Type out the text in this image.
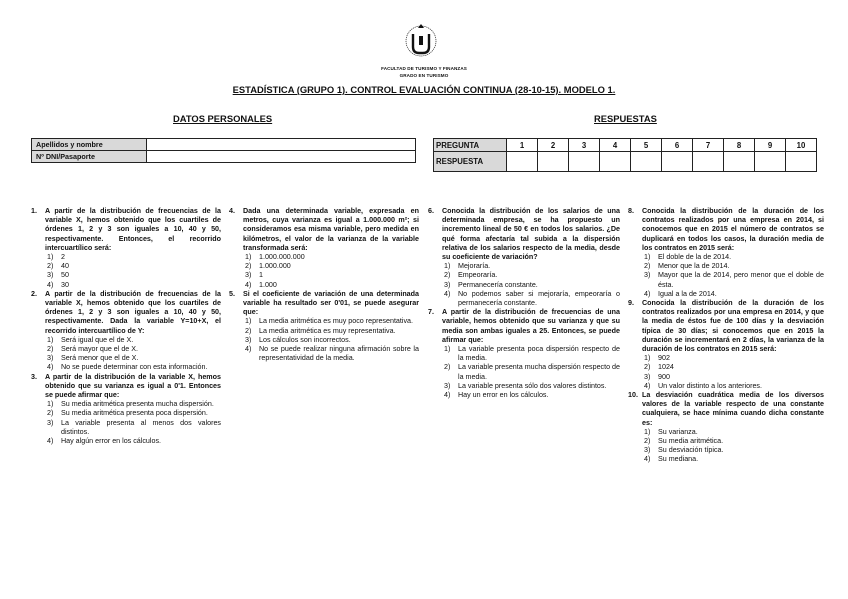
FACULTAD DE TURISMO Y FINANZAS
GRADO EN TURISMO
ESTADÍSTICA (GRUPO 1). CONTROL EVALUACIÓN CONTINUA (28-10-15). MODELO 1.
DATOS PERSONALES	RESPUESTAS
Apellidos y nombre	
Nº DNI/Pasaporte	
PREGUNTA	1	2	3	4	5	6	7	8	9	10
RESPUESTA										
1.	A partir de la distribución de frecuencias de la variable X, hemos obtenido que los cuartiles de órdenes 1, 2 y 3 son iguales a 10, 40 y 50, respectivamente. Entonces, el recorrido intercuartílico será:
1)	2
2)	40
3)	50
4)	30
2.	A partir de la distribución de frecuencias de la variable X, hemos obtenido que los cuartiles de órdenes 1, 2 y 3 son iguales a 10, 40 y 50, respectivamente. Dada la variable Y=10+X, el recorrido intercuartílico de Y:
1)	Será igual que el de X.
2)	Será mayor que el de X.
3)	Será menor que el de X.
4)	No se puede determinar con esta información.
3.	A partir de la distribución de la variable X, hemos obtenido que su varianza es igual a 0'1. Entonces se puede afirmar que:
1)	Su media aritmética presenta mucha dispersión.
2)	Su media aritmética presenta poca dispersión.
3)	La variable presenta al menos dos valores distintos.
4)	Hay algún error en los cálculos.
4.	Dada una determinada variable, expresada en metros, cuya varianza es igual a 1.000.000 m²; si consideramos esa misma variable, pero medida en kilómetros, el valor de la varianza de la variable transformada será:
1)	1.000.000.000
2)	1.000.000
3)	1
4)	1.000
5.	Si el coeficiente de variación de una determinada variable ha resultado ser 0'01, se puede asegurar que:
1)	La media aritmética es muy poco representativa.
2)	La media aritmética es muy representativa.
3)	Los cálculos son incorrectos.
4)	No se puede realizar ninguna afirmación sobre la representatividad de la media.
6.	Conocida la distribución de los salarios de una determinada empresa, se ha propuesto un incremento lineal de 50 € en todos los salarios. ¿De qué forma afectaría tal subida a la dispersión relativa de los salarios respecto de la media, desde su coeficiente de variación?
1)	Mejoraría.
2)	Empeoraría.
3)	Permanecería constante.
4)	No podemos saber si mejoraría, empeoraría o permanecería constante.
7.	A partir de la distribución de frecuencias de una variable, hemos obtenido que su varianza y que su media son ambas iguales a 25. Entonces, se puede afirmar que:
1)	La variable presenta poca dispersión respecto de la media.
2)	La variable presenta mucha dispersión respecto de la media.
3)	La variable presenta sólo dos valores distintos.
4)	Hay un error en los cálculos.
8.	Conocida la distribución de la duración de los contratos realizados por una empresa en 2014, si conocemos que en 2015 el número de contratos se duplicará en todos los casos, la duración media de los contratos en 2015 será:
1)	El doble de la de 2014.
2)	Menor que la de 2014.
3)	Mayor que la de 2014, pero menor que el doble de ésta.
4)	Igual a la de 2014.
9.	Conocida la distribución de la duración de los contratos realizados por una empresa en 2014, y que la media de éstos fue de 100 días y la desviación típica de 30 días; si conocemos que en 2015 la duración se incrementará en 2 días, la varianza de la duración de los contratos en 2015 será:
1)	902
2)	1024
3)	900
4)	Un valor distinto a los anteriores.
10. La desviación cuadrática media de los diversos valores de la variable respecto de una constante cualquiera, se hace mínima cuando dicha constante es:
1)	Su varianza.
2)	Su media aritmética.
3)	Su desviación típica.
4)	Su mediana.
